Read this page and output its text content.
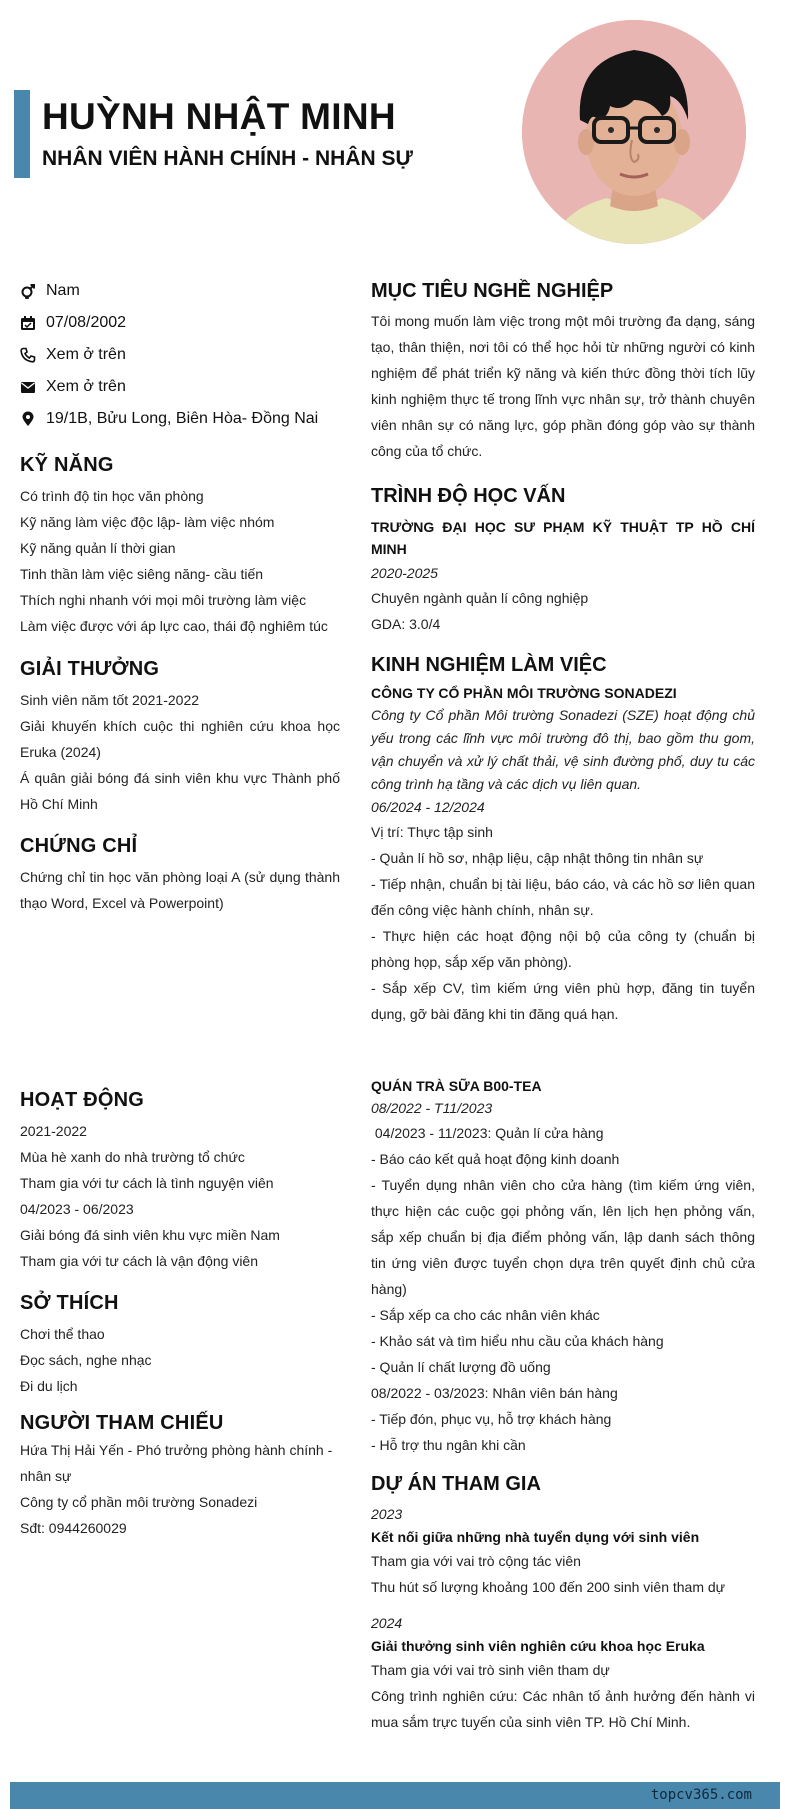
HUỲNH NHẬT MINH
NHÂN VIÊN HÀNH CHÍNH - NHÂN SỰ
Nam
07/08/2002
Xem ở trên
Xem ở trên
19/1B, Bửu Long, Biên Hòa- Đồng Nai
KỸ NĂNG
Có trình độ tin học văn phòng
Kỹ năng làm việc độc lập- làm việc nhóm
Kỹ năng quản lí thời gian
Tinh thần làm việc siêng năng- cầu tiến
Thích nghi nhanh với mọi môi trường làm việc
Làm việc được với áp lực cao, thái độ nghiêm túc
GIẢI THƯỞNG
Sinh viên năm tốt 2021-2022
Giải khuyến khích cuộc thi nghiên cứu khoa học Eruka (2024)
Á quân giải bóng đá sinh viên khu vực Thành phố Hồ Chí Minh
CHỨNG CHỈ
Chứng chỉ tin học văn phòng loại A (sử dụng thành thạo Word, Excel và Powerpoint)
HOẠT ĐỘNG
2021-2022
Mùa hè xanh do nhà trường tổ chức
Tham gia với tư cách là tình nguyện viên
04/2023 - 06/2023
Giải bóng đá sinh viên khu vực miền Nam
Tham gia với tư cách là vận động viên
SỞ THÍCH
Chơi thể thao
Đọc sách, nghe nhạc
Đi du lịch
NGƯỜI THAM CHIẾU
Hứa Thị Hải Yến - Phó trưởng phòng hành chính - nhân sự
Công ty cổ phần môi trường Sonadezi
Sđt: 0944260029
MỤC TIÊU NGHỀ NGHIỆP
Tôi mong muốn làm việc trong một môi trường đa dạng, sáng tạo, thân thiện, nơi tôi có thể học hỏi từ những người có kinh nghiệm để phát triển kỹ năng và kiến thức đồng thời tích lũy kinh nghiệm thực tế trong lĩnh vực nhân sự, trở thành chuyên viên nhân sự có năng lực, góp phần đóng góp vào sự thành công của tổ chức.
TRÌNH ĐỘ HỌC VẤN
TRƯỜNG ĐẠI HỌC SƯ PHẠM KỸ THUẬT TP HỒ CHÍ MINH
2020-2025
Chuyên ngành quản lí công nghiệp
GDA: 3.0/4
KINH NGHIỆM LÀM VIỆC
CÔNG TY CỔ PHẦN MÔI TRƯỜNG SONADEZI
Công ty Cổ phần Môi trường Sonadezi (SZE) hoạt động chủ yếu trong các lĩnh vực môi trường đô thị, bao gồm thu gom, vận chuyển và xử lý chất thải, vệ sinh đường phố, duy tu các công trình hạ tầng và các dịch vụ liên quan.
06/2024 - 12/2024
Vị trí: Thực tập sinh
- Quản lí hồ sơ, nhập liệu, cập nhật thông tin nhân sự
- Tiếp nhận, chuẩn bị tài liệu, báo cáo, và các hồ sơ liên quan đến công việc hành chính, nhân sự.
- Thực hiện các hoạt động nội bộ của công ty (chuẩn bị phòng họp, sắp xếp văn phòng).
- Sắp xếp CV, tìm kiếm ứng viên phù hợp, đăng tin tuyển dụng, gỡ bài đăng khi tin đăng quá hạn.
QUÁN TRÀ SỮA B00-TEA
08/2022 - T11/2023
04/2023 - 11/2023: Quản lí cửa hàng
- Báo cáo kết quả hoạt động kinh doanh
- Tuyển dụng nhân viên cho cửa hàng (tìm kiếm ứng viên, thực hiện các cuộc gọi phỏng vấn, lên lịch hẹn phỏng vấn, sắp xếp chuẩn bị địa điểm phỏng vấn, lập danh sách thông tin ứng viên được tuyển chọn dựa trên quyết định chủ cửa hàng)
- Sắp xếp ca cho các nhân viên khác
- Khảo sát và tìm hiểu nhu cầu của khách hàng
- Quản lí chất lượng đồ uống
08/2022 - 03/2023: Nhân viên bán hàng
- Tiếp đón, phục vụ, hỗ trợ khách hàng
- Hỗ trợ thu ngân khi cần
DỰ ÁN THAM GIA
2023
Kết nối giữa những nhà tuyển dụng với sinh viên
Tham gia với vai trò cộng tác viên
Thu hút số lượng khoảng 100 đến 200 sinh viên tham dự
2024
Giải thưởng sinh viên nghiên cứu khoa học Eruka
Tham gia với vai trò sinh viên tham dự
Công trình nghiên cứu: Các nhân tố ảnh hưởng đến hành vi mua sắm trực tuyến của sinh viên TP. Hồ Chí Minh.
topcv365.com
